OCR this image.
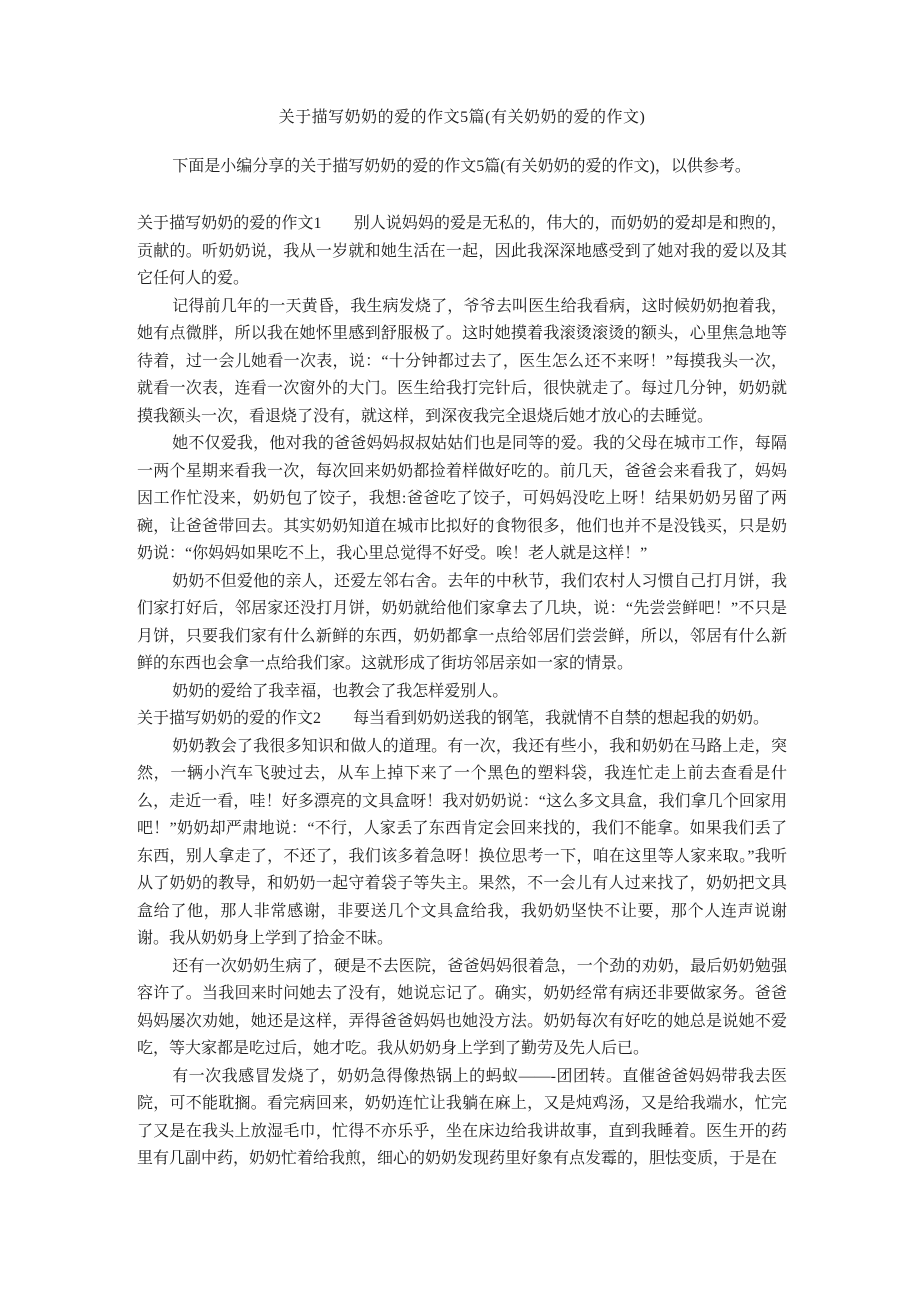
关于描写奶奶的爱的作文5篇(有关奶奶的爱的作文)

下面是小编分享的关于描写奶奶的爱的作文5篇(有关奶奶的爱的作文)，以供参考。

关于描写奶奶的爱的作文1　　别人说妈妈的爱是无私的，伟大的，而奶奶的爱却是和煦的，贡献的。听奶奶说，我从一岁就和她生活在一起，因此我深深地感受到了她对我的爱以及其它任何人的爱。

记得前几年的一天黄昏，我生病发烧了，爷爷去叫医生给我看病，这时候奶奶抱着我，她有点微胖，所以我在她怀里感到舒服极了。这时她摸着我滚烫滚烫的额头，心里焦急地等待着，过一会儿她看一次表，说：“十分钟都过去了，医生怎么还不来呀！”每摸我头一次，就看一次表，连看一次窗外的大门。医生给我打完针后，很快就走了。每过几分钟，奶奶就摸我额头一次，看退烧了没有，就这样，到深夜我完全退烧后她才放心的去睡觉。

她不仅爱我，他对我的爸爸妈妈叔叔姑姑们也是同等的爱。我的父母在城市工作，每隔一两个星期来看我一次，每次回来奶奶都捡着样做好吃的。前几天，爸爸会来看我了，妈妈因工作忙没来，奶奶包了饺子，我想:爸爸吃了饺子，可妈妈没吃上呀！结果奶奶另留了两碗，让爸爸带回去。其实奶奶知道在城市比拟好的食物很多，他们也并不是没钱买，只是奶奶说：“你妈妈如果吃不上，我心里总觉得不好受。唉！老人就是这样！”

奶奶不但爱他的亲人，还爱左邻右舍。去年的中秋节，我们农村人习惯自己打月饼，我们家打好后，邻居家还没打月饼，奶奶就给他们家拿去了几块，说：“先尝尝鲜吧！”不只是月饼，只要我们家有什么新鲜的东西，奶奶都拿一点给邻居们尝尝鲜，所以，邻居有什么新鲜的东西也会拿一点给我们家。这就形成了街坊邻居亲如一家的情景。

奶奶的爱给了我幸福，也教会了我怎样爱别人。

关于描写奶奶的爱的作文2　　每当看到奶奶送我的钢笔，我就情不自禁的想起我的奶奶。

奶奶教会了我很多知识和做人的道理。有一次，我还有些小，我和奶奶在马路上走，突然，一辆小汽车飞驶过去，从车上掉下来了一个黑色的塑料袋，我连忙走上前去查看是什么，走近一看，哇！好多漂亮的文具盒呀！我对奶奶说：“这么多文具盒，我们拿几个回家用吧！”奶奶却严肃地说：“不行，人家丢了东西肯定会回来找的，我们不能拿。如果我们丢了东西，别人拿走了，不还了，我们该多着急呀！换位思考一下，咱在这里等人家来取。”我听从了奶奶的教导，和奶奶一起守着袋子等失主。果然，不一会儿有人过来找了，奶奶把文具盒给了他，那人非常感谢，非要送几个文具盒给我，我奶奶坚快不让要，那个人连声说谢谢。我从奶奶身上学到了拾金不昧。

还有一次奶奶生病了，硬是不去医院，爸爸妈妈很着急，一个劲的劝奶，最后奶奶勉强容许了。当我回来时问她去了没有，她说忘记了。确实，奶奶经常有病还非要做家务。爸爸妈妈屡次劝她，她还是这样，弄得爸爸妈妈也她没方法。奶奶每次有好吃的她总是说她不爱吃，等大家都是吃过后，她才吃。我从奶奶身上学到了勤劳及先人后已。

有一次我感冒发烧了，奶奶急得像热锅上的蚂蚁——-团团转。直催爸爸妈妈带我去医院，可不能耽搁。看完病回来，奶奶连忙让我躺在麻上，又是炖鸡汤，又是给我端水，忙完了又是在我头上放湿毛巾，忙得不亦乐乎，坐在床边给我讲故事，直到我睡着。医生开的药里有几副中药，奶奶忙着给我煎，细心的奶奶发现药里好象有点发霉的，胆怯变质，于是在
